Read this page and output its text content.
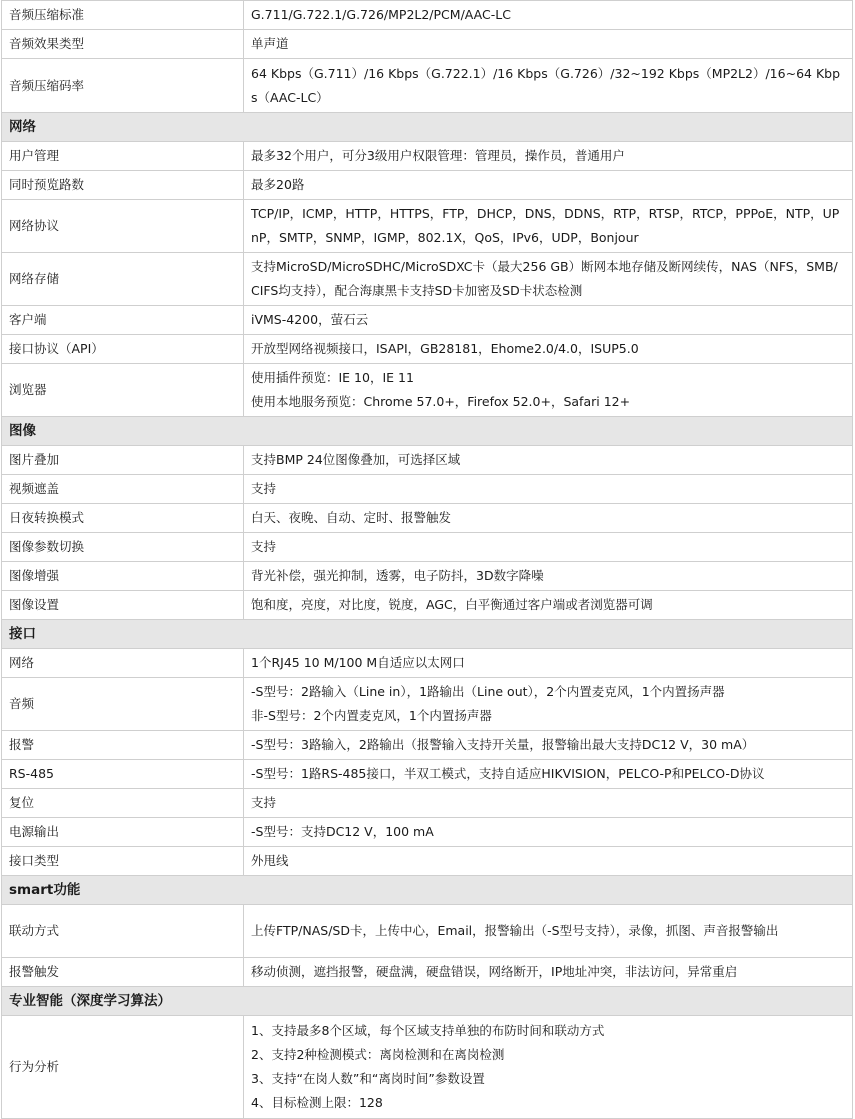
音频压缩标准	G.711/G.722.1/G.726/MP2L2/PCM/AAC-LC

音频效果类型	单声道

音频压缩码率	64 Kbps（G.711）/16 Kbps（G.722.1）/16 Kbps（G.726）/32~192 Kbps（MP2L2）/16~64 Kbps（AAC-LC）

网络	
用户管理	最多32个用户，可分3级用户权限管理：管理员，操作员，普通用户

同时预览路数	最多20路

网络协议	TCP/IP，ICMP，HTTP，HTTPS，FTP，DHCP，DNS，DDNS，RTP，RTSP，RTCP，PPPoE，NTP，UPnP，SMTP，SNMP，IGMP，802.1X，QoS，IPv6，UDP，Bonjour

网络存储	支持MicroSD/MicroSDHC/MicroSDXC卡（最大256 GB）断网本地存储及断网续传，NAS（NFS，SMB/CIFS均支持），配合海康黑卡支持SD卡加密及SD卡状态检测

客户端	iVMS-4200，萤石云

接口协议（API）	开放型网络视频接口，ISAPI，GB28181，Ehome2.0/4.0，ISUP5.0

浏览器	使用插件预览：IE 10，IE 11
使用本地服务预览：Chrome 57.0+，Firefox 52.0+，Safari 12+

图像	
图片叠加	支持BMP 24位图像叠加，可选择区域

视频遮盖	支持

日夜转换模式	白天、夜晚、自动、定时、报警触发

图像参数切换	支持

图像增强	背光补偿，强光抑制，透雾，电子防抖，3D数字降噪

图像设置	饱和度，亮度，对比度，锐度，AGC，白平衡通过客户端或者浏览器可调

接口	
网络	1个RJ45 10 M/100 M自适应以太网口

音频	-S型号：2路输入（Line in），1路输出（Line out），2个内置麦克风，1个内置扬声器
非-S型号：2个内置麦克风，1个内置扬声器

报警	-S型号：3路输入，2路输出（报警输入支持开关量，报警输出最大支持DC12 V，30 mA）

RS-485	-S型号：1路RS-485接口，半双工模式，支持自适应HIKVISION，PELCO-P和PELCO-D协议

复位	支持

电源输出	-S型号：支持DC12 V，100 mA

接口类型	外甩线

smart功能	
联动方式	上传FTP/NAS/SD卡，上传中心，Email，报警输出（-S型号支持），录像，抓图、声音报警输出

报警触发	移动侦测，遮挡报警，硬盘满，硬盘错误，网络断开，IP地址冲突，非法访问，异常重启

专业智能（深度学习算法）	
行为分析	1、支持最多8个区域，每个区域支持单独的布防时间和联动方式
2、支持2种检测模式：离岗检测和在离岗检测
3、支持“在岗人数”和“离岗时间”参数设置
4、目标检测上限：128
